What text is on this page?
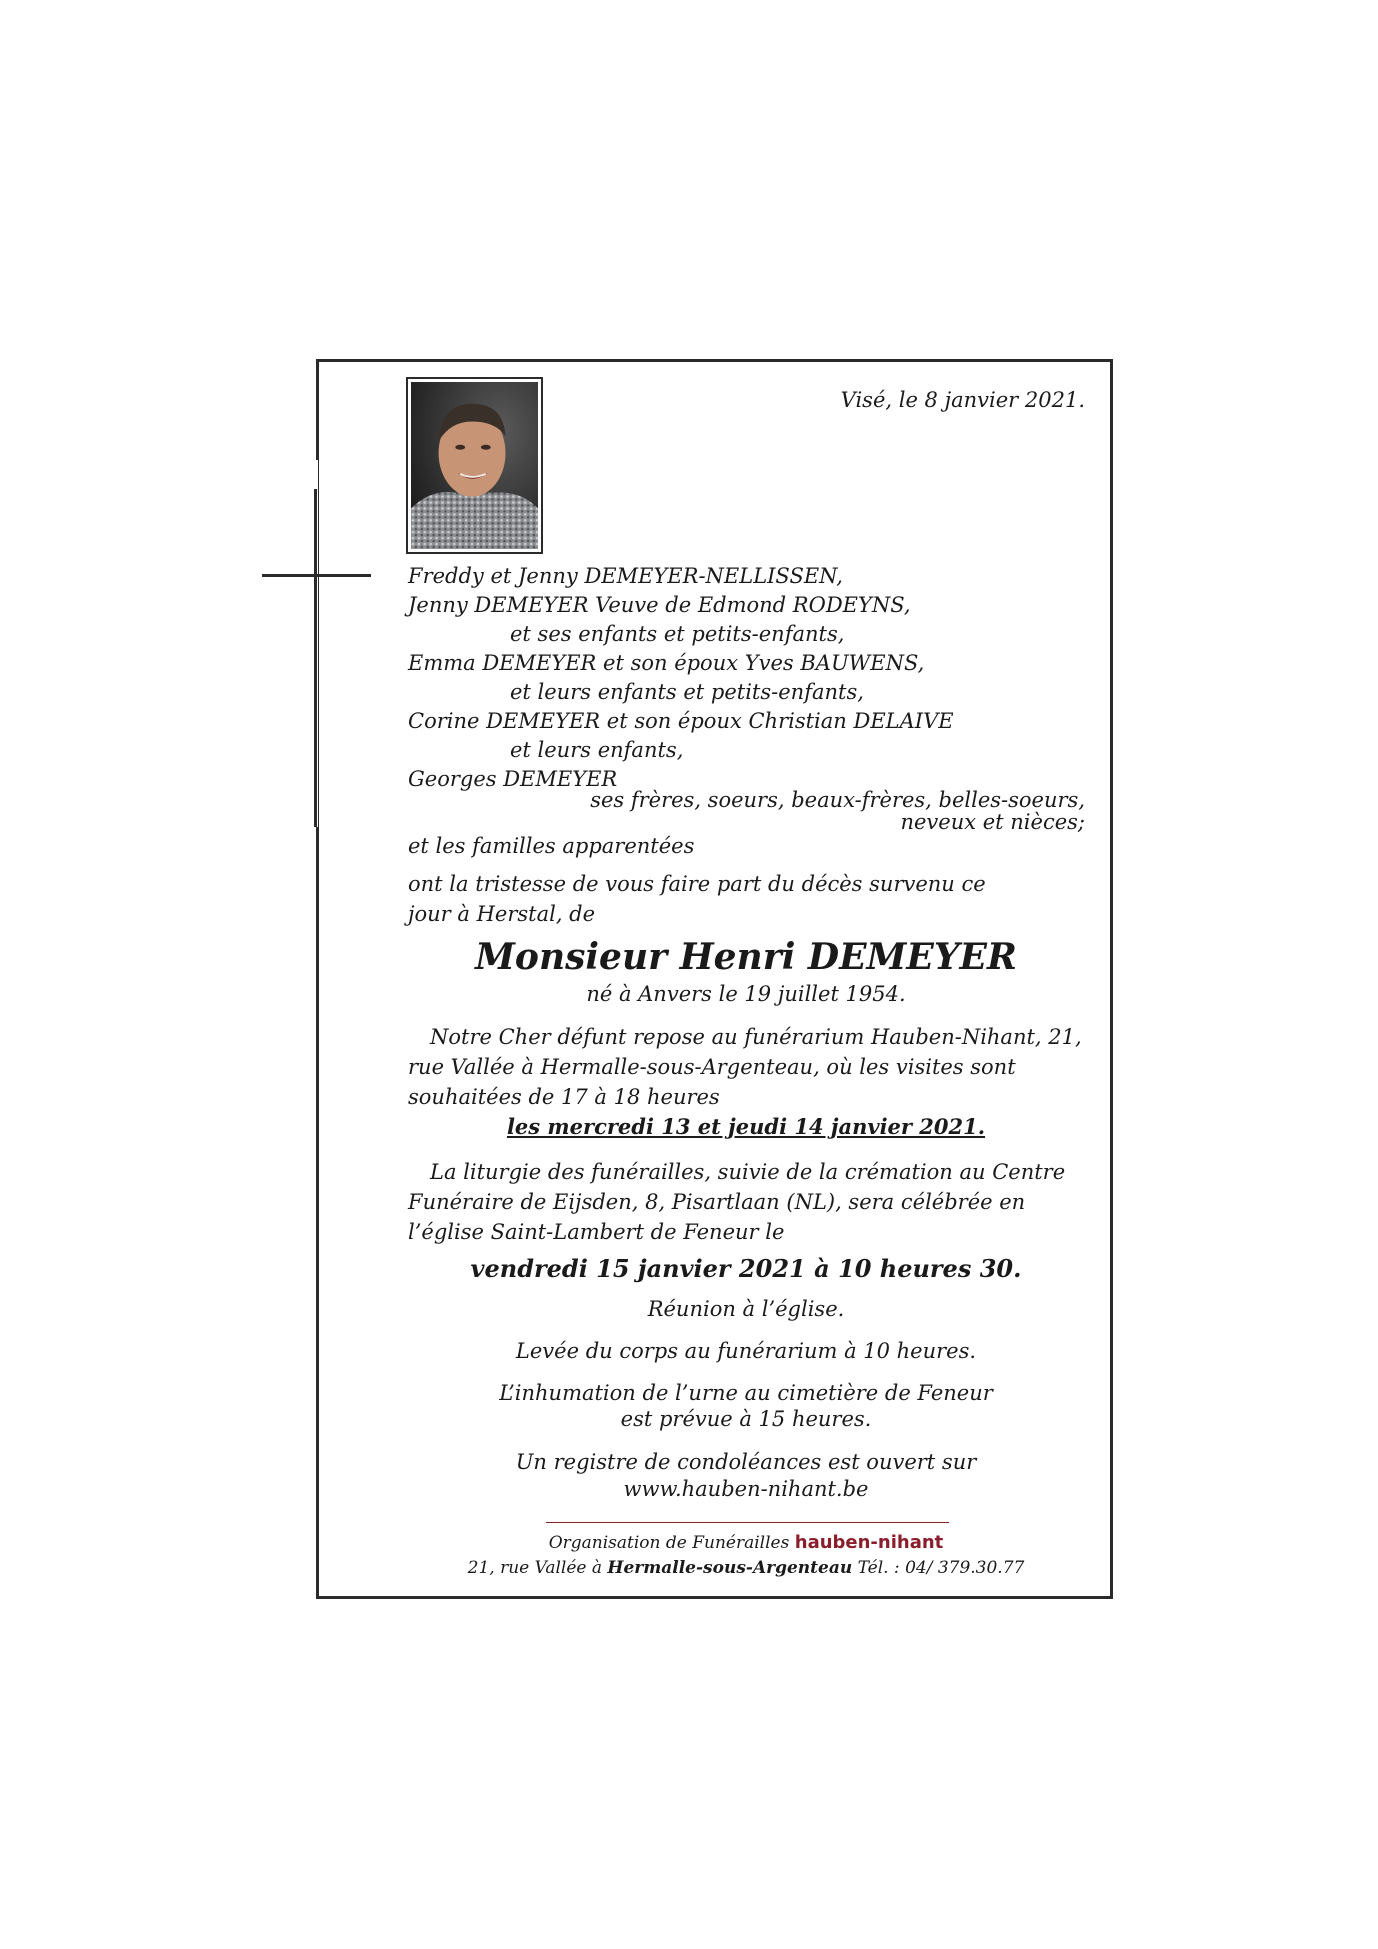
Visé, le 8 janvier 2021.
Freddy et Jenny DEMEYER-NELLISSEN,
Jenny DEMEYER Veuve de Edmond RODEYNS,
et ses enfants et petits-enfants,
Emma DEMEYER et son époux Yves BAUWENS,
et leurs enfants et petits-enfants,
Corine DEMEYER et son époux Christian DELAIVE
et leurs enfants,
Georges DEMEYER
ses frères, soeurs, beaux-frères, belles-soeurs,
neveux et nièces;
et les familles apparentées
ont la tristesse de vous faire part du décès survenu ce jour à Herstal, de
Monsieur Henri DEMEYER
né à Anvers le 19 juillet 1954.
Notre Cher défunt repose au funérarium Hauben-Nihant, 21, rue Vallée à Hermalle-sous-Argenteau, où les visites sont souhaitées de 17 à 18 heures
les mercredi 13 et jeudi 14 janvier 2021.
La liturgie des funérailles, suivie de la crémation au Centre Funéraire de Eijsden, 8, Pisartlaan (NL), sera célébrée en l’église Saint-Lambert de Feneur le
vendredi 15 janvier 2021 à 10 heures 30.
Réunion à l’église.
Levée du corps au funérarium à 10 heures.
L’inhumation de l’urne au cimetière de Feneur
est prévue à 15 heures.
Un registre de condoléances est ouvert sur
www.hauben-nihant.be
Organisation de Funérailles hauben-nihant
21, rue Vallée à Hermalle-sous-Argenteau Tél. : 04/ 379.30.77
